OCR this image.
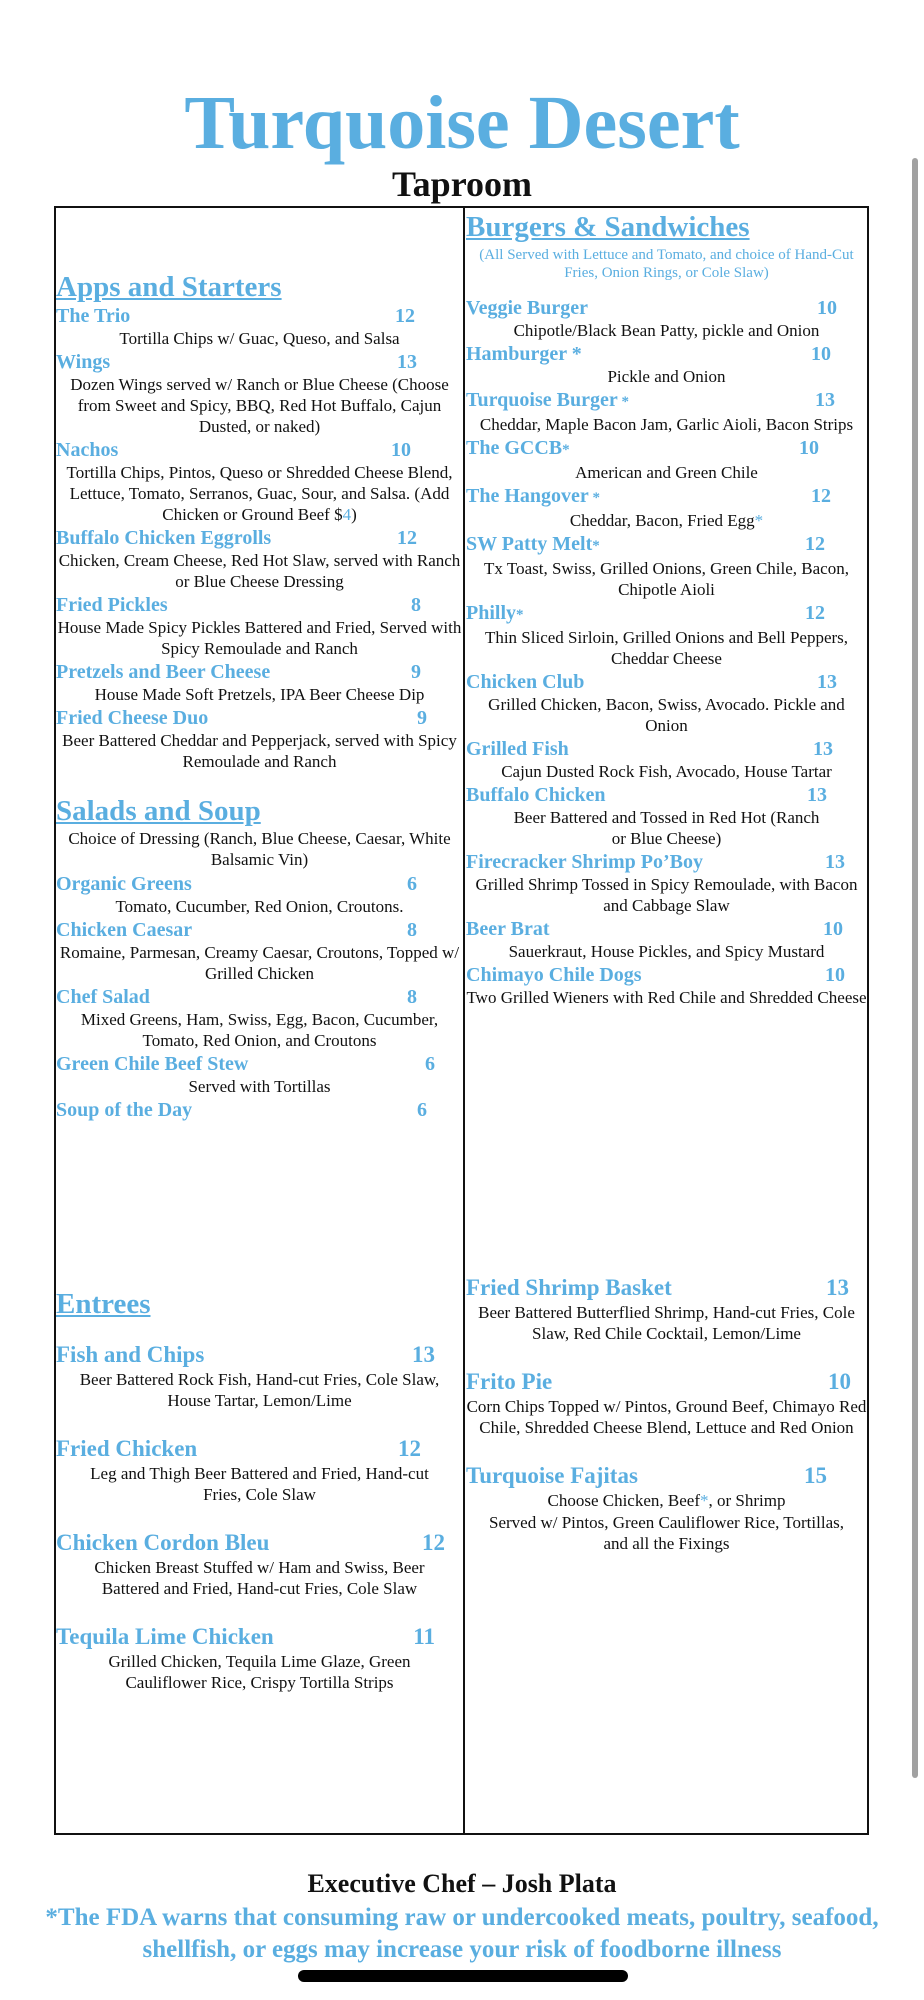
Turquoise Desert
Taproom
Apps and Starters
The Trio	12
Tortilla Chips w/ Guac, Queso, and Salsa
Wings	13
Dozen Wings served w/ Ranch or Blue Cheese (Choose from Sweet and Spicy, BBQ, Red Hot Buffalo, Cajun Dusted, or naked)
Nachos	10
Tortilla Chips, Pintos, Queso or Shredded Cheese Blend, Lettuce, Tomato, Serranos, Guac, Sour, and Salsa. (Add Chicken or Ground Beef $4)
Buffalo Chicken Eggrolls	12
Chicken, Cream Cheese, Red Hot Slaw, served with Ranch or Blue Cheese Dressing
Fried Pickles	8
House Made Spicy Pickles Battered and Fried, Served with Spicy Remoulade and Ranch
Pretzels and Beer Cheese	9
House Made Soft Pretzels, IPA Beer Cheese Dip
Fried Cheese Duo	9
Beer Battered Cheddar and Pepperjack, served with Spicy Remoulade and Ranch
Salads and Soup
Choice of Dressing (Ranch, Blue Cheese, Caesar, White Balsamic Vin)
Organic Greens	6
Tomato, Cucumber, Red Onion, Croutons.
Chicken Caesar	8
Romaine, Parmesan, Creamy Caesar, Croutons, Topped w/ Grilled Chicken
Chef Salad	8
Mixed Greens, Ham, Swiss, Egg, Bacon, Cucumber, Tomato, Red Onion, and Croutons
Green Chile Beef Stew	6
Served with Tortillas
Soup of the Day	6
Burgers & Sandwiches
(All Served with Lettuce and Tomato, and choice of Hand-Cut Fries, Onion Rings, or Cole Slaw)
Veggie Burger	10
Chipotle/Black Bean Patty, pickle and Onion
Hamburger *	10
Pickle and Onion
Turquoise Burger *	13
Cheddar, Maple Bacon Jam, Garlic Aioli, Bacon Strips
The GCCB*	10
American and Green Chile
The Hangover *	12
Cheddar, Bacon, Fried Egg*
SW Patty Melt*	12
Tx Toast, Swiss, Grilled Onions, Green Chile, Bacon, Chipotle Aioli
Philly*	12
Thin Sliced Sirloin, Grilled Onions and Bell Peppers, Cheddar Cheese
Chicken Club	13
Grilled Chicken, Bacon, Swiss, Avocado. Pickle and Onion
Grilled Fish	13
Cajun Dusted Rock Fish, Avocado, House Tartar
Buffalo Chicken	13
Beer Battered and Tossed in Red Hot (Ranch or Blue Cheese)
Firecracker Shrimp Po’Boy	13
Grilled Shrimp Tossed in Spicy Remoulade, with Bacon and Cabbage Slaw
Beer Brat	10
Sauerkraut, House Pickles, and Spicy Mustard
Chimayo Chile Dogs	10
Two Grilled Wieners with Red Chile and Shredded Cheese
Entrees
Fish and Chips	13
Beer Battered Rock Fish, Hand-cut Fries, Cole Slaw, House Tartar, Lemon/Lime
Fried Chicken	12
Leg and Thigh Beer Battered and Fried, Hand-cut Fries, Cole Slaw
Chicken Cordon Bleu	12
Chicken Breast Stuffed w/ Ham and Swiss, Beer Battered and Fried, Hand-cut Fries, Cole Slaw
Tequila Lime Chicken	11
Grilled Chicken, Tequila Lime Glaze, Green Cauliflower Rice, Crispy Tortilla Strips
Fried Shrimp Basket	13
Beer Battered Butterflied Shrimp, Hand-cut Fries, Cole Slaw, Red Chile Cocktail, Lemon/Lime
Frito Pie	10
Corn Chips Topped w/ Pintos, Ground Beef, Chimayo Red Chile, Shredded Cheese Blend, Lettuce and Red Onion
Turquoise Fajitas	15
Choose Chicken, Beef*, or Shrimp
Served w/ Pintos, Green Cauliflower Rice, Tortillas, and all the Fixings
Executive Chef – Josh Plata
*The FDA warns that consuming raw or undercooked meats, poultry, seafood, shellfish, or eggs may increase your risk of foodborne illness
